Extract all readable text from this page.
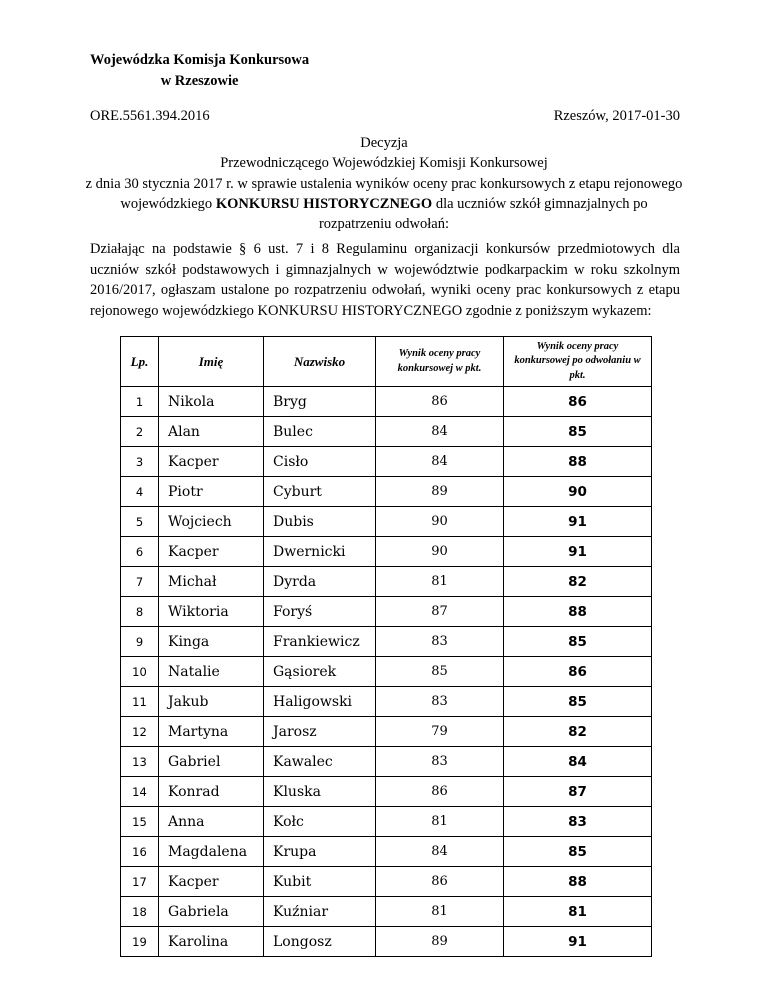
Wojewódzka Komisja Konkursowa
w Rzeszowie
ORE.5561.394.2016	Rzeszów, 2017-01-30
Decyzja
Przewodniczącego Wojewódzkiej Komisji Konkursowej
z dnia 30 stycznia 2017 r. w sprawie ustalenia wyników oceny prac konkursowych z etapu rejonowego wojewódzkiego KONKURSU HISTORYCZNEGO dla uczniów szkół gimnazjalnych po rozpatrzeniu odwołań:
Działając na podstawie § 6 ust. 7 i 8 Regulaminu organizacji konkursów przedmiotowych dla uczniów szkół podstawowych i gimnazjalnych w województwie podkarpackim w roku szkolnym 2016/2017, ogłaszam ustalone po rozpatrzeniu odwołań, wyniki oceny prac konkursowych z etapu rejonowego wojewódzkiego KONKURSU HISTORYCZNEGO zgodnie z poniższym wykazem:
Lp.	Imię	Nazwisko	Wynik oceny pracy konkursowej w pkt.	Wynik oceny pracy konkursowej po odwołaniu w pkt.
1	Nikola	Bryg	86	86
2	Alan	Bulec	84	85
3	Kacper	Cisło	84	88
4	Piotr	Cyburt	89	90
5	Wojciech	Dubis	90	91
6	Kacper	Dwernicki	90	91
7	Michał	Dyrda	81	82
8	Wiktoria	Foryś	87	88
9	Kinga	Frankiewicz	83	85
10	Natalie	Gąsiorek	85	86
11	Jakub	Haligowski	83	85
12	Martyna	Jarosz	79	82
13	Gabriel	Kawalec	83	84
14	Konrad	Kluska	86	87
15	Anna	Kołc	81	83
16	Magdalena	Krupa	84	85
17	Kacper	Kubit	86	88
18	Gabriela	Kuźniar	81	81
19	Karolina	Longosz	89	91
